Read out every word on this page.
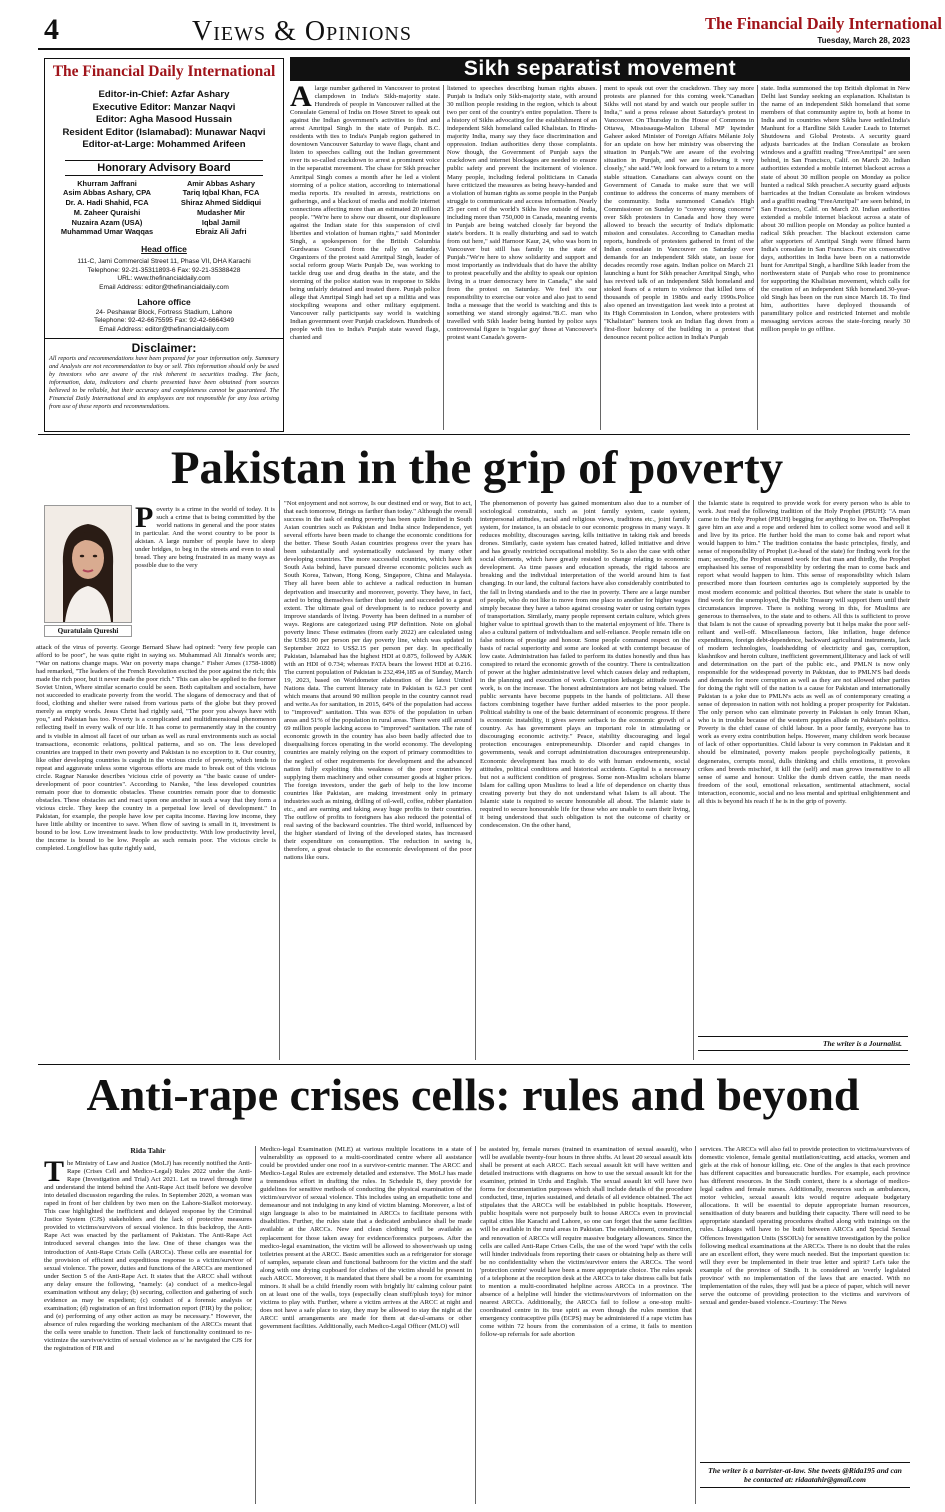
4	Views & Opinions	The Financial Daily International
Tuesday, March 28, 2023
The Financial Daily International
Editor-in-Chief: Azfar Ashary
Executive Editor: Manzar Naqvi
Editor: Agha Masood Hussain
Resident Editor (Islamabad): Munawar Naqvi
Editor-at-Large: Mohammed Arifeen
Honorary Advisory Board
Khurram Jaffrani
Asim Abbas Ashary, CPA
Dr. A. Hadi Shahid, FCA
M. Zaheer Quraishi
Nuzaira Azam (USA)
Muhammad Umar Waqqas
Amir Abbas Ashary
Tariq Iqbal Khan, FCA
Shiraz Ahmed Siddiqui
Mudasher Mir
Iqbal Jamil
Ebraiz Ali Jafri
Head office
111-C, Jami Commercial Street 11, Phase VII, DHA Karachi
Telephone: 92-21-35311893-6 Fax: 92-21-35388428
URL: www.thefinancialdaily.com
Email Address: editor@thefinancialdaily.com
Lahore office
24- Peshawar Block, Fortress Stadium, Lahore
Telephone: 92-42-6675595 Fax: 92-42-6664349
Email Address: editor@thefinancialdaily.com
Disclaimer:
All reports and recommendations have been prepared for your information only. Summary and Analysis are not recommendation to buy or sell. This information should only be used by investors who are aware of the risk inherent in securities trading. The facts, information, data, indicators and charts presented have been obtained from sources believed to be reliable, but their accuracy and completeness cannot be guaranteed. The Financial Daily International and its employees are not responsible for any loss arising from use of these reports and recommendations.
Sikh separatist movement
A large number gathered in Vancouver to protest clampdown in India's Sikh-majority state. Hundreds of people in Vancouver rallied at the Consulate General of India on Howe Street to speak out against the Indian government's activities to find and arrest Amritpal Singh in the state of Punjab. B.C. residents with ties to India's Punjab region gathered in downtown Vancouver Saturday to wave flags, chant and listen to speeches calling out the Indian government over its so-called crackdown to arrest a prominent voice in the separatist movement. The chase for Sikh preacher Amritpal Singh comes a month after he led a violent storming of a police station, according to international media reports. It's resulted in arrests, restrictions on gatherings, and a blackout of media and mobile internet connections affecting more than an estimated 20 million people. "We're here to show our dissent, our displeasure against the Indian state for this suspension of civil liberties and violation of human rights," said Moninder Singh, a spokesperson for the British Columbia Gurdwaras Council from the rally on Saturday. Organizers of the protest said Amritpal Singh, leader of social reform group Waris Punjab De, was working to tackle drug use and drug deaths in the state, and the storming of the police station was in response to Sikhs being unfairly detained and treated there. Punjab police allege that Amritpal Singh had set up a militia and was stockpiling weapons and other military equipment. Vancouver rally participants say world is watching Indian government over Punjab crackdown. Hundreds of people with ties to India's Punjab state waved flags, chanted and
listened to speeches describing human rights abuses. Punjab is India's only Sikh-majority state, with around 30 million people residing in the region, which is about two per cent of the country's entire population. There is a history of Sikhs advocating for the establishment of an independent Sikh homeland called Khalistan. In Hindu-majority India, many say they face discrimination and oppression. Indian authorities deny those complaints. Now though, the Government of Punjab says the crackdown and internet blockages are needed to ensure public safety and prevent the incitement of violence. Many people, including federal politicians in Canada have criticized the measures as being heavy-handed and a violation of human rights as some people in the Punjab struggle to communicate and access information. Nearly 25 per cent of the world's Sikhs live outside of India, including more than 750,000 in Canada, meaning events in Punjab are being watched closely far beyond the state's borders. It is really disturbing and sad to watch from out here," said Harnoor Kaur, 24, who was born in Vancouver but still has family in the state of Punjab."We're here to show solidarity and support and most importantly as individuals that do have the ability to protest peacefully and the ability to speak our opinion living in a truer democracy here in Canada," she said from the protest on Saturday. We feel it's our responsibility to exercise our voice and also just to send India a message that the world is watching and this is something we stand strongly against."B.C. man who travelled with Sikh leader being hunted by police says controversial figure is 'regular guy' those at Vancouver's protest want Canada's govern-
ment to speak out over the crackdown. They say more protests are planned for this coming week."Canadian Sikhs will not stand by and watch our people suffer in India," said a press release about Saturday's protest in Vancouver. On Thursday in the House of Commons in Ottawa, Mississauga-Malton Liberal MP Iqwinder Gaheer asked Minister of Foreign Affairs Mélanie Joly for an update on how her ministry was observing the situation in Punjab."We are aware of the evolving situation in Punjab, and we are following it very closely," she said."We look forward to a return to a more stable situation. Canadians can always count on the Government of Canada to make sure that we will continue to address the concerns of many members of the community. India summoned Canada's High Commissioner on Sunday to "convey strong concerns" over Sikh protesters in Canada and how they were allowed to breach the security of India's diplomatic mission and consulates. According to Canadian media reports, hundreds of protesters gathered in front of the Indian consulate in Vancouver on Saturday over demands for an independent Sikh state, an issue for decades recently rose again. Indian police on March 21 launching a hunt for Sikh preacher Amritpal Singh, who has revived talk of an independent Sikh homeland and stoked fears of a return to violence that killed tens of thousands of people in 1980s and early 1990s.Police also opened an investigation last week into a protest at its High Commission in London, where protesters with "Khalistan" banners took an Indian flag down from a first-floor balcony of the building in a protest that denounce recent police action in India's Punjab
state. India summoned the top British diplomat in New Delhi last Sunday seeking an explanation. Khalistan is the name of an independent Sikh homeland that some members of that community aspire to, both at home in India and in countries where Sikhs have settled.India's Manhunt for a Hardline Sikh Leader Leads to Internet Shutdowns and Global Protests. A security guard adjusts barricades at the Indian Consulate as broken windows and a graffiti reading "FreeAmritpal" are seen behind, in San Francisco, Calif. on March 20. Indian authorities extended a mobile internet blackout across a state of about 30 million people on Monday as police hunted a radical Sikh preacher.A security guard adjusts barricades at the Indian Consulate as broken windows and a graffiti reading "FreeAmritpal" are seen behind, in San Francisco, Calif. on March 20. Indian authorities extended a mobile internet blackout across a state of about 30 million people on Monday as police hunted a radical Sikh preacher. The blackout extension came after supporters of Amritpal Singh were filmed harm India's consulate in San Francisco. For six consecutive days, authorities in India have been on a nationwide hunt for Amritpal Singh, a hardline Sikh leader from the northwestern state of Punjab who rose to prominence for supporting the Khalistan movement, which calls for the creation of an independent Sikh homeland.30-year-old Singh has been on the run since March 18. To find him, authorities have deployed thousands of paramilitary police and restricted Internet and mobile messaging services across the state-forcing nearly 30 million people to go offline.
Pakistan in the grip of poverty
Quratulain Qureshi
P overty is a crime in the world of today. It is such a crime that is being committed by the world nations in general and the poor states in particular. And the worst country to be poor is akistan. A large number of people have to sleep under bridges, to beg in the streets and even to steal bread. They are being frustrated in as many ways as possible due to the very
attack of the virus of poverty. George Bernard Shaw had opined: "very few people can afford to be poor", he was quite right in saying so. Muhammad Ali Jinnah's words are; "War on nations change maps. War on poverty maps change." Fisher Ames (1758-1808) had remarked, "The leaders of the French Revolution excited the poor against the rich; this made the rich poor, but it never made the poor rich." This can also be applied to the former Soviet Union, Where similar scenario could be seen. Both capitalism and socialism, have not succeeded to eradicate poverty from the world. The slogans of democracy and that of food, clothing and shelter were raised from various parts of the globe but they proved merely as empty words. Jesus Christ had rightly said, "The poor you always have with you," and Pakistan has too. Poverty is a complicated and multidimensional phenomenon reflecting itself in every walk of our life. It has come to permanently stay in the country and is visible in almost all facet of our urban as well as rural environments such as social transactions, economic relations, political patterns, and so on. The less developed countries are trapped in their own poverty and Pakistan is no exception to it. Our country, like other developing countries is caught in the vicious circle of poverty, which tends to repeat and aggravate unless some vigorous efforts are made to break out of this vicious circle. Ragnar Naraske describes 'vicious cirle of poverty as "the basic cause of under-development of poor countries". According to Narske, "the less developed countries remain poor due to domestic obstacles. These countries remain poor due to domestic obstacles. These obstacles act and react upon one another in such a way that they form a vicious circle. They keep the country in a perpetual low level of development." In Pakistan, for example, the people have low per capita income. Having low income, they have little ability or incentive to save. When flow of saving is small in it, investment is bound to be low. Low investment leads to low productivity. With low productivity level, the income is bound to be low. People as such remain poor. The vicious circle is completed. Longfellow has quite rightly said,
"Not enjoyment and not sorrow, Is our destined end or way, But to act, that each tomorrow, Brings us farther than today." Although the overall success in the task of ending poverty has been quite limited in South Asian countries such as Pakistan and India since Independence, yet several efforts have been made to change the economic conditions for the better. These South Asian countries progress over the years has been substantially and systematically outclassed by many other developing countries. The more successful countries, which have left South Asia behind, have pursued diverse economic policies such as South Korea, Taiwan, Hong Kong, Singapore, China and Malaysia. They all have been able to achieve a radical reduction in human deprivation and insecurity and moreover, poverty. They have, in fact, acted to bring themselves farther than today and succeeded to a great extent. The ultimate goal of development is to reduce poverty and improve standards of living. Poverty has been defined in a number of ways. Regions are categorized using PIP definition. Note on global poverty lines: These estimates (from early 2022) are calculated using the US$1.90 per person per day poverty line, which was updated in September 2022 to US$2.15 per person per day. In specifically Pakistan, Islamabad has the highest HDI at 0.875, followed by AJ&K with an HDI of 0.734; whereas FATA bears the lowest HDI at 0.216. The current population of Pakistan is 232,494,185 as of Sunday, March 19, 2023, based on Worldometer elaboration of the latest United Nations data. The current literacy rate in Pakistan is 62.3 per cent which means that around 90 million people in the country cannot read and write.As for sanitation, in 2015, 64% of the population had access to "improved" sanitation. This was 83% of the population in urban areas and 51% of the population in rural areas. There were still around 69 million people lacking access to "improved" sanitation. The rate of economic growth in the country has also been badly affected due to disequalising forces operating in the world economy. The developing countries are mainly relying on the export of primary commodities to the neglect of other requirements for development and the advanced nation fully exploiting this weakness of the poor countries by supplying them machinery and other consumer goods at higher prices. The foreign investors, under the garb of help to the low income countries like Pakistan, are making investment only in primary industries such as mining, drilling of oil-well, coffee, rubber plantation etc., and are earning and taking away huge profits to their countries. The outflow of profits to foreigners has also reduced the potential of real saving of the backward countries. The third world, influenced by the higher standard of living of the developed states, has increased their expenditure on consumption. The reduction in saving is, therefore, a great obstacle to the economic development of the poor nations like ours.
The phenomenon of poverty has gained momentum also due to a number of sociological constraints, such as joint family system, caste system, interpersonal attitudes, racial and religious views, traditions etc., joint family system, for instance, is an obstacle to our economic progress in many ways. It reduces mobility, discourages saving, kills initiative in taking risk and breeds drones. Similarly, caste system has created hatred, killed initiative and drive and has greatly restricted occupational mobility. So is also the case with other social elements, which have greatly resisted to change relating to economic development. As time passes and education spreads, the rigid taboos are breaking and the individual interpretation of the world around him is fast changing. In our land, the cultural factors have also considerably contributed to the fall in living standards and to the rise in poverty. There are a large number of people, who do not like to move from one place to another for higher wages simply because they have a taboo against crossing water or using certain types of transportation. Similarly, many people represent certain culture, which gives higher value to spiritual growth than to the material enjoyment of life. There is also a cultural pattern of individualism and self-reliance. People remain idle on false notions of prestige and honour. Some people command respect on the basis of racial superiority and some are looked at with contempt because of low caste. Administration has failed to perform its duties honestly and thus has conspired to retard the economic growth of the country. There is centralization of power at the higher administrative level which causes delay and redtapism, in the planning and execution of work. Corruption lethargic attitude towards work, is on the increase. The honest administrators are not being valued. The public servants have become puppets in the hands of politicians. All these factors combining together have further added miseries to the poor people. Political stability is one of the basic determinant of economic progress. If there is economic instability, it gives severe setback to the economic growth of a country. As has government plays an important role in stimulating or discouraging economic activity." Peace, stability discouraging and legal protection encourages entrepreneurship. Disorder and rapid changes in governments, weak and corrupt administration discourages entrepreneurship. Economic development has much to do with human endowments, social attitudes, political conditions and historical accidents. Capital is a necessary but not a sufficient condition of progress. Some non-Muslim scholars blame Islam for calling upon Muslims to lead a life of dependence on charity thus creating poverty but they do not understand what Islam is all about. The Islamic state is required to secure honourable all about. The Islamic state is required to secure honourable life for those who are unable to earn their living, it being understood that such obligation is not the outcome of charity or condescension. On the other hand,
the Islamic state is required to provide work for every person who is able to work. Just read the following tradition of the Holy Prophet (PBUH): "A man came to the Holy Prophet (PBUH) begging for anything to live on. TheProphet gave him an axe and a rope and ordered him to collect some wood and sell it and live by its price. He further hold the man to come bak and report what would happen to him." The tradition contains the basic principles, firstly, and sense of responsibility of Prophet (i.e-head of the state) for finding work for the man; secondly, the Prophet ensured work for that man and thirdly, the Prophet emphasised his sense of responsibility by ordering the man to come back and report what would happen to him. This sense of responsibility which Islam prescribed more than fourteen centuries ago is completely supported by the most modern economic and political theories. But where the state is unable to find work for the unemployed, the Public Treasury will support them until their circumstances improve. There is nothing wrong in this, for Muslims are generous to themselves, to the state and to others. All this is sufficient to prove that Islam is not the cause of spreading poverty but it helps make the poor self-reliant and well-off. Miscellaneous factors, like inflation, huge defence expenditures, foreign debt-dependence, backward agricultural instruments, lack of modern technologies, loadshedding of electricity and gas, corruption, klashnikov and heroin culture, inefficient government,illiteracy and lack of will and determination on the part of the public etc., and PMLN is now only responsible for the widespread poverty in Pakistan, due to PMLN'S bad deeds and demands for more corruption as well as they are not allowed other parties for doing the right will of the nation is a cause for Pakistan and internationally Pakistan is a joke due to PMLN's acts as well as of contemporary creating a sense of depression in nation with not holding a proper prosperity for Pakistan. The only person who can eliminate poverty in Pakistan is only Imran Khan, who is in trouble because of the western puppies allude on Pakistan's politics. Poverty is the chief cause of child labour. In a poor family, everyone has to work as every extra contribution helps. However, many children work because of lack of other opportunities. Child labour is very common in Pakistan and it should be eliminated, poverty makes people psychologically patients, it degenerates, corrupts moral, dulls thinking and chills emotions, it provokes crikes and breeds mischief, it kill the (self) and man grows insensitive to all sense of same and honour. Unlike the dumb driven cattle, the man needs freedom of the soul, emotional relaxation, sentimental attachment, social interaction, economic, social and no less mental and spiritual enlightenment and all this is beyond his reach if he is in the grip of poverty.
The writer is a Journalist.
Anti-rape crises cells: rules and beyond
Rida Tahir
T he Ministry of Law and Justice (MoLJ) has recently notified the Anti-Rape (Crises Cell and Medico-Legal) Rules 2022 under the Anti-Rape (Investigation and Trial) Act 2021. Let us travel through time and understand the intend behind the Anti-Rape Act itself before we devolve into detailed discussion regarding the rules. In September 2020, a woman was raped in front of her children by two men on the Lahore-Sialkot motorway. This case highlighted the inefficient and delayed response by the Criminal Justice System (CJS) stakeholders and the lack of protective measures provided to victims/survivors of sexual violence. In this backdrop, the Anti-Rape Act was enacted by the parliament of Pakistan. The Anti-Rape Act introduced several changes into the law. One of these changes was the introduction of Anti-Rape Crisis Cells (ARCCs). These cells are essential for the provision of efficient and expeditious response to a victim/survivor of sexual violence. The power, duties and functions of the ARCCs are mentioned under Section 5 of the Anti-Rape Act. It states that the ARCC shall without any delay ensure the following, "namely: (a) conduct of a medico-legal examination without any delay; (b) securing, collection and gathering of such evidence as may be expedient; (c) conduct of a forensic analysis or examination; (d) registration of an first information report (FIR) by the police; and (e) performing of any other action as may be necessary." However, the absence of rules regarding the working mechanism of the ARCCs meant that the cells were unable to function. Their lack of functionality continued to re-victimize the survivor/victim of sexual violence as s/ he navigated the CJS for the registration of FIR and
Medico-legal Examination (MLE) at various multiple locations in a state of vulnerability as opposed to a multi-coordinated centre where all assistance could be provided under one roof in a survivor-centric manner. The ARCC and Medico-Legal Rules are extremely detailed and extensive. The MoLJ has made a tremendous effort in drafting the rules. In Schedule B, they provide for guidelines for sensitive methods of conducting the physical examination of the victim/survivor of sexual violence. This includes using an empathetic tone and demeanour and not indulging in any kind of victim blaming. Moreover, a list of sign language is also to be maintained in ARCCs to facilitate persons with disabilities. Further, the rules state that a dedicated ambulance shall be made available at the ARCCs. New and clean clothing will be available as replacement for those taken away for evidence/forensics purposes. After the medico-legal examination, the victim will be allowed to shower/wash up using toiletries present at the ARCC. Basic amenities such as a refrigerator for storage of samples, separate clean and functional bathroom for the victim and the staff along with one drying cupboard for clothes of the victim should be present in each ARCC. Moreover, it is mandated that there shall be a room for examining minors. It shall be a child friendly room with brightly lit/ calming colour paint on at least one of the walls, toys (especially clean stuff/plush toys) for minor victims to play with. Further, where a victim arrives at the ARCC at night and does not have a safe place to stay, they may be allowed to stay the night at the ARCC until arrangements are made for them at dar-ul-amans or other government facilities. Additionally, each Medico-Legal Officer (MLO) will
be assisted by, female nurses (trained in examination of sexual assault), who will be available twenty-four hours in three shifts. At least 20 sexual assault kits shall be present at each ARCC. Each sexual assault kit will have written and detailed instructions with diagrams on how to use the sexual assault kit for the examiner, printed in Urdu and English. The sexual assault kit will have two forms for documentation purposes which shall include details of the procedure conducted, time, injuries sustained, and details of all evidence obtained. The act stipulates that the ARCCs will be established in public hospitals. However, public hospitals were not purposely built to house ARCCs even in provincial capital cities like Karachi and Lahore, so one can forget that the same facilities will be available in the rural areas in Pakistan. The establishment, construction, and renovation of ARCCs will require massive budgetary allowances. Since the cells are called Anti-Rape Crises Cells, the use of the word 'rape' with the cells will hinder individuals from reporting their cases or obtaining help as there will be no confidentiality when the victim/survivor enters the ARCCs. The word 'protection centre' would have been a more appropriate choice. The rules speak of a telephone at the reception desk at the ARCCs to take distress calls but fails to mention a multi-coordinated helpline across ARCCs in a province. The absence of a helpline will hinder the victims/survivors of information on the nearest ARCCs. Additionally, the ARCCs fail to follow a one-stop multi-coordinated centre in its true spirit as even though the rules mention that emergency contraceptive pills (ECPS) may be administered if a rape victim has come within 72 hours from the commission of a crime, it fails to mention follow-up referrals for safe abortion
services. The ARCCs will also fail to provide protection to victims/survivors of domestic violence, female genital mutilation/cutting, acid attacks, women and girls at the risk of honour killing, etc. One of the angles is that each province has different capacities and bureaucratic hurdles. For example, each province has different resources. In the Sindh context, there is a shortage of medico-legal cadres and female nurses. Additionally, resources such as ambulances, motor vehicles, sexual assault kits would require adequate budgetary allocations. It will be essential to depute appropriate human resources, sensitisation of duty bearers and building their capacity. There will need to be appropriate standard operating procedures drafted along with trainings on the rules. Linkages will have to be built between ARCCs and Special Sexual Offences Investigation Units (SSOIUs) for sensitive investigation by the police following medical examinations at the ARCCs. There is no doubt that the rules are an excellent effort, they were much needed. But the important question is: will they ever be implemented in their true letter and spirit? Let's take the example of the province of Sindh. It is considered an 'overly legislated province' with no implementation of the laws that are enacted. With no implementation of the rules, they will just be a piece of paper, which will never serve the outcome of providing protection to the victims and survivors of sexual and gender-based violence.-Courtesy: The News
The writer is a barrister-at-law. She tweets @Rida195 and can be contacted at: ridaatahir@gmail.com
